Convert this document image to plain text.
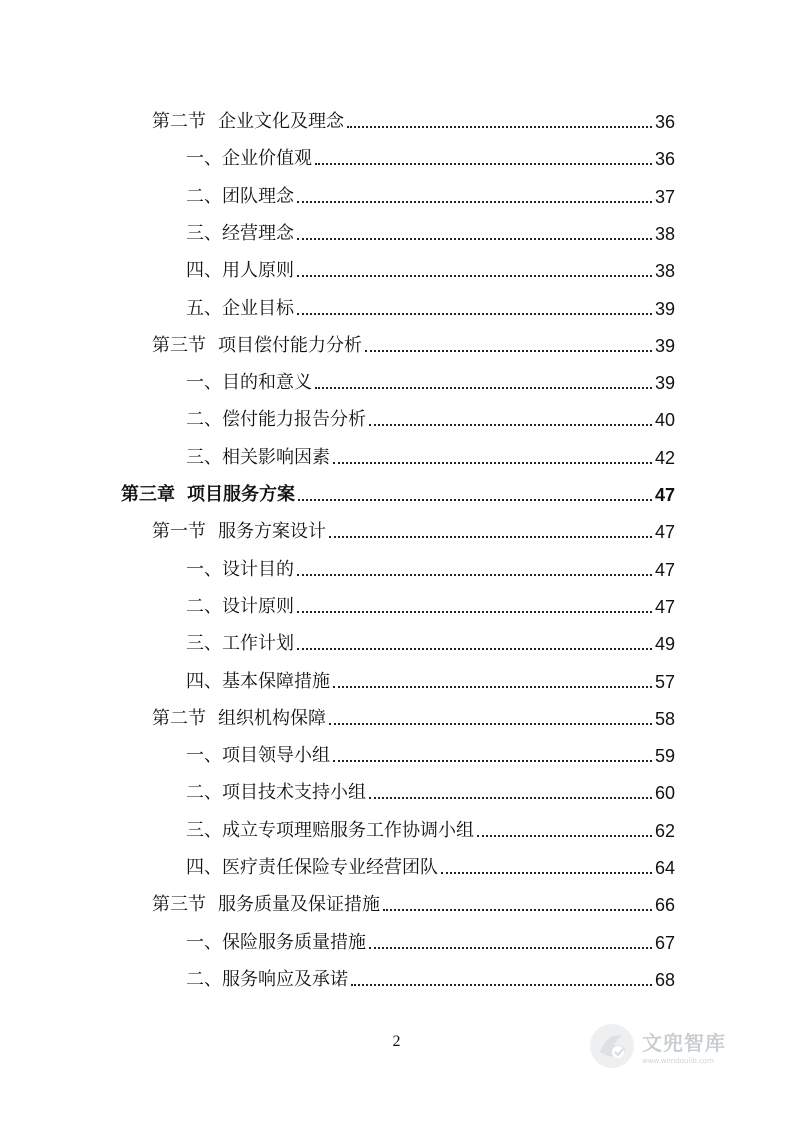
第二节 企业文化及理念	36
一、企业价值观	36
二、团队理念	37
三、经营理念	38
四、用人原则	38
五、企业目标	39
第三节 项目偿付能力分析	39
一、目的和意义	39
二、偿付能力报告分析	40
三、相关影响因素	42
第三章 项目服务方案	47
第一节 服务方案设计	47
一、设计目的	47
二、设计原则	47
三、工作计划	49
四、基本保障措施	57
第二节 组织机构保障	58
一、项目领导小组	59
二、项目技术支持小组	60
三、成立专项理赔服务工作协调小组	62
四、医疗责任保险专业经营团队	64
第三节 服务质量及保证措施	66
一、保险服务质量措施	67
二、服务响应及承诺	68
2	文兜智库
www.wendoulib.com
